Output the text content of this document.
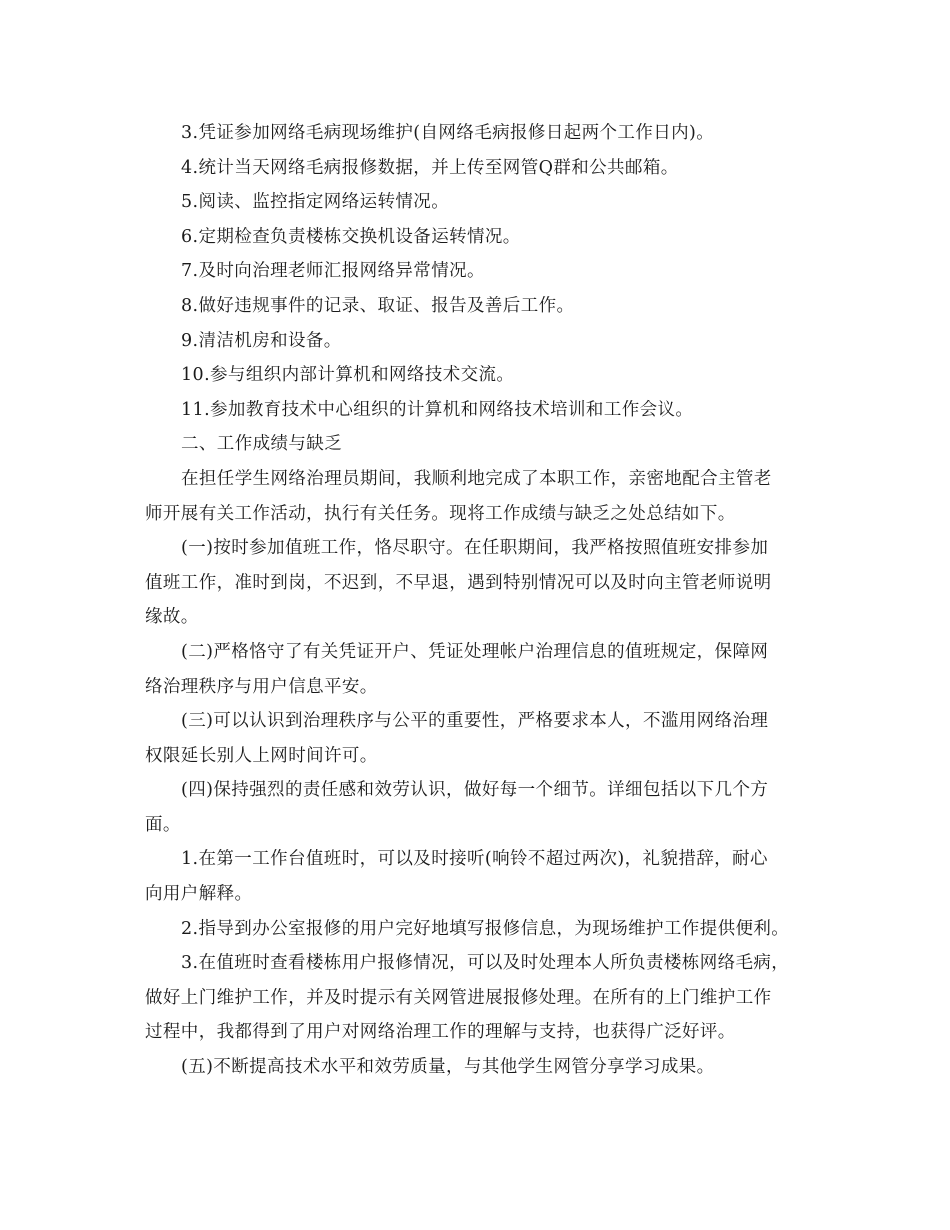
3.凭证参加网络毛病现场维护(自网络毛病报修日起两个工作日内)。
4.统计当天网络毛病报修数据，并上传至网管Q群和公共邮箱。
5.阅读、监控指定网络运转情况。
6.定期检查负责楼栋交换机设备运转情况。
7.及时向治理老师汇报网络异常情况。
8.做好违规事件的记录、取证、报告及善后工作。
9.清洁机房和设备。
10.参与组织内部计算机和网络技术交流。
11.参加教育技术中心组织的计算机和网络技术培训和工作会议。
二、工作成绩与缺乏
在担任学生网络治理员期间，我顺利地完成了本职工作，亲密地配合主管老
师开展有关工作活动，执行有关任务。现将工作成绩与缺乏之处总结如下。
(一)按时参加值班工作，恪尽职守。在任职期间，我严格按照值班安排参加
值班工作，准时到岗，不迟到，不早退，遇到特别情况可以及时向主管老师说明
缘故。
(二)严格恪守了有关凭证开户、凭证处理帐户治理信息的值班规定，保障网
络治理秩序与用户信息平安。
(三)可以认识到治理秩序与公平的重要性，严格要求本人，不滥用网络治理
权限延长别人上网时间许可。
(四)保持强烈的责任感和效劳认识，做好每一个细节。详细包括以下几个方
面。
1.在第一工作台值班时，可以及时接听(响铃不超过两次)，礼貌措辞，耐心
向用户解释。
2.指导到办公室报修的用户完好地填写报修信息，为现场维护工作提供便利。
3.在值班时查看楼栋用户报修情况，可以及时处理本人所负责楼栋网络毛病，
做好上门维护工作，并及时提示有关网管进展报修处理。在所有的上门维护工作
过程中，我都得到了用户对网络治理工作的理解与支持，也获得广泛好评。
(五)不断提高技术水平和效劳质量，与其他学生网管分享学习成果。
